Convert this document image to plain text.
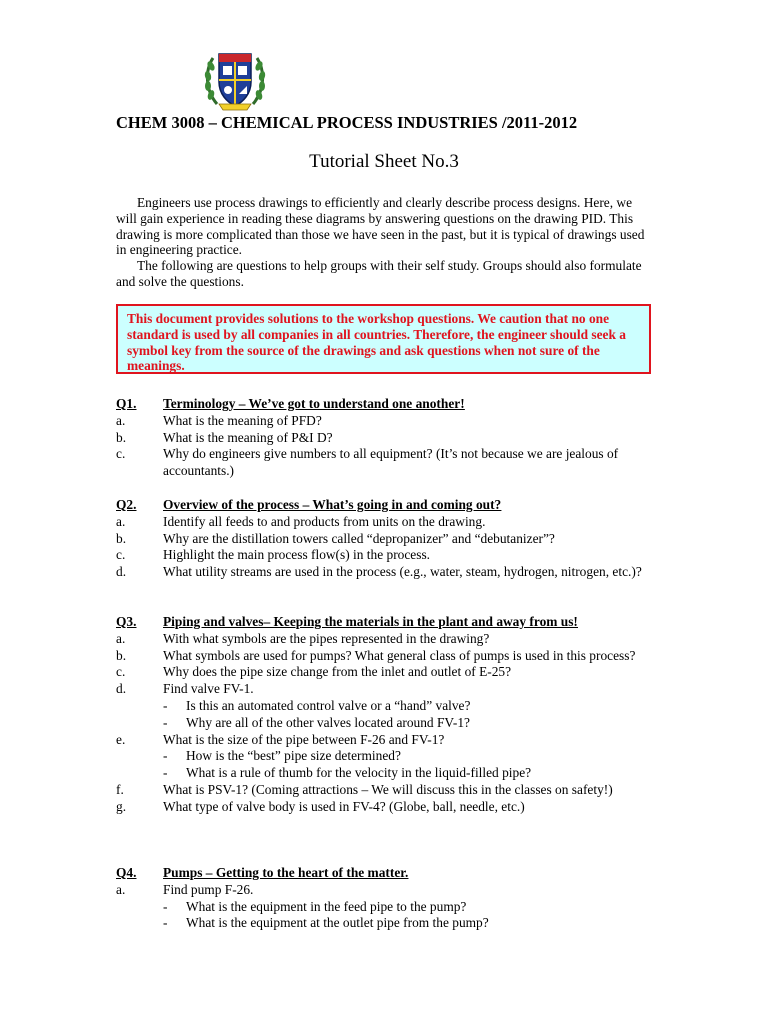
CHEM 3008 – CHEMICAL PROCESS INDUSTRIES /2011-2012
Tutorial Sheet No.3

Engineers use process drawings to efficiently and clearly describe process designs. Here, we will gain experience in reading these diagrams by answering questions on the drawing PID. This drawing is more complicated than those we have seen in the past, but it is typical of drawings used in engineering practice.

The following are questions to help groups with their self study. Groups should also formulate and solve the questions.

This document provides solutions to the workshop questions. We caution that no one standard is used by all companies in all countries. Therefore, the engineer should seek a symbol key from the source of the drawings and ask questions when not sure of the meanings.
Q1.	Terminology – We’ve got to understand one another!
a.	What is the meaning of PFD?
b.	What is the meaning of P&I D?
c.	Why do engineers give numbers to all equipment? (It’s not because we are jealous of accountants.)
Q2.	Overview of the process – What’s going in and coming out?
a.	Identify all feeds to and products from units on the drawing.
b.	Why are the distillation towers called “depropanizer” and “debutanizer”?
c.	Highlight the main process flow(s) in the process.
d.	What utility streams are used in the process (e.g., water, steam, hydrogen, nitrogen, etc.)?
Q3.	Piping and valves– Keeping the materials in the plant and away from us!
a.	With what symbols are the pipes represented in the drawing?
b.	What symbols are used for pumps? What general class of pumps is used in this process?
c.	Why does the pipe size change from the inlet and outlet of E-25?
d.	Find valve FV-1.
-	Is this an automated control valve or a “hand” valve?
-	Why are all of the other valves located around FV-1?
e.	What is the size of the pipe between F-26 and FV-1?
-	How is the “best” pipe size determined?
-	What is a rule of thumb for the velocity in the liquid-filled pipe?
f.	What is PSV-1? (Coming attractions – We will discuss this in the classes on safety!)
g.	What type of valve body is used in FV-4? (Globe, ball, needle, etc.)
Q4.	Pumps – Getting to the heart of the matter.
a.	Find pump F-26.
-	What is the equipment in the feed pipe to the pump?
-	What is the equipment at the outlet pipe from the pump?
